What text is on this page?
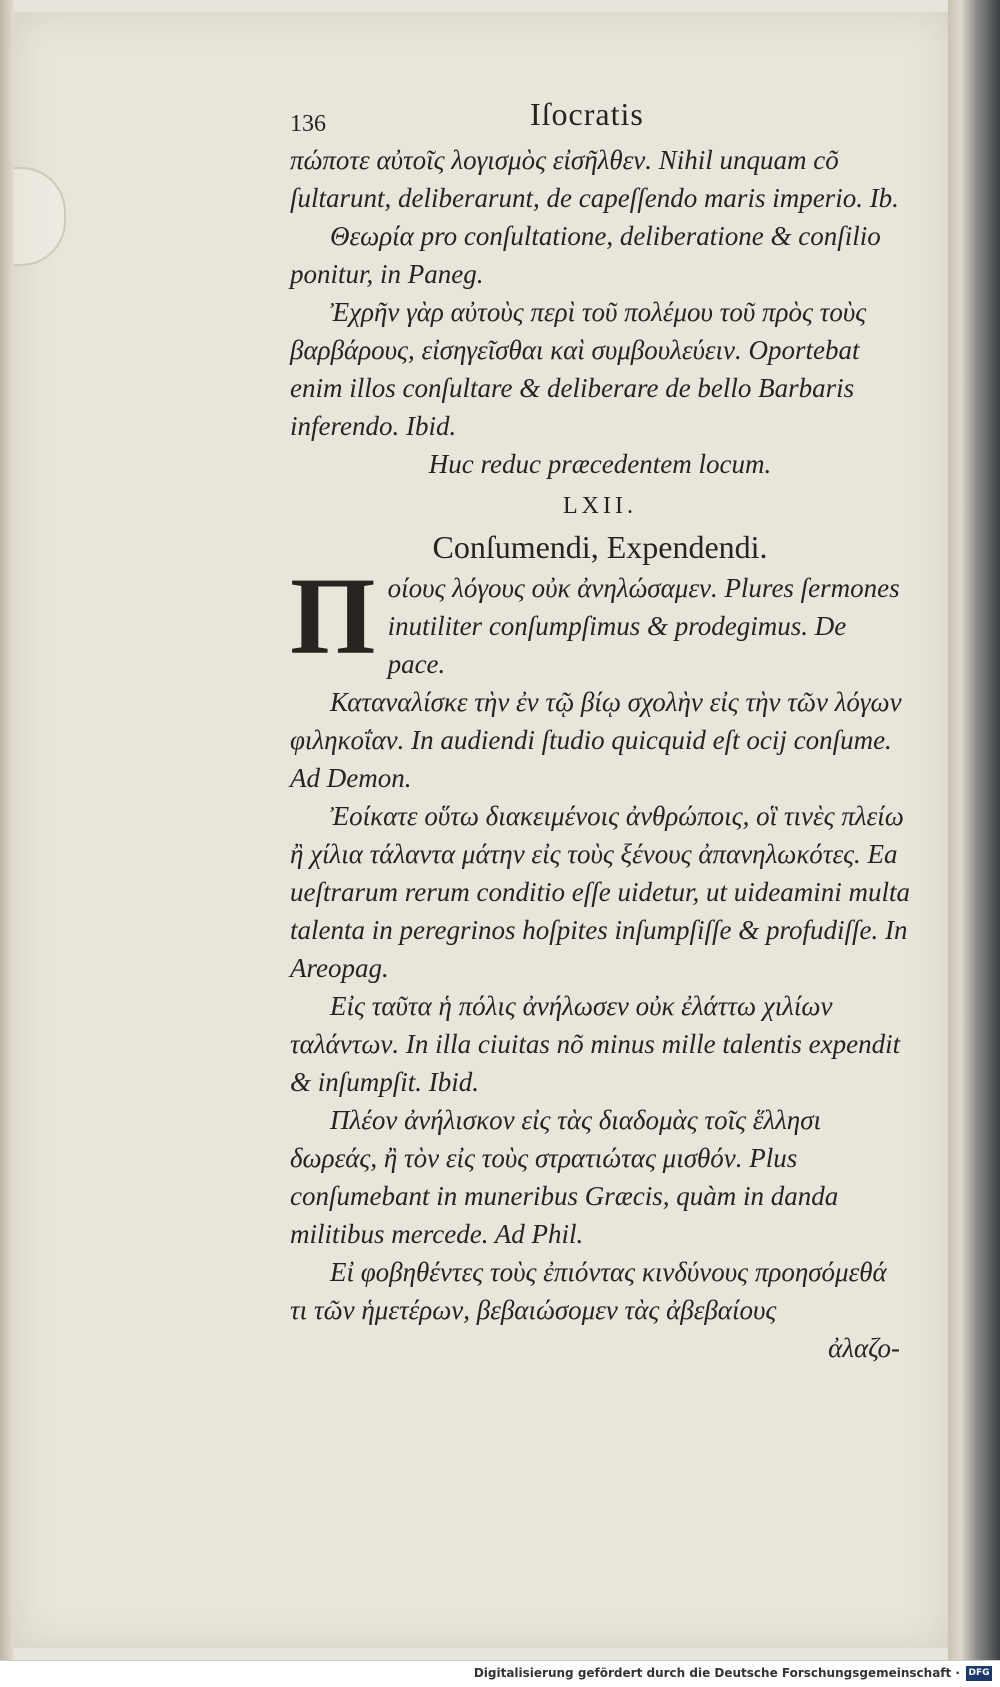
136	Iſocratis

πώποτε αὐτοῖς λογισμὸς εἰσῆλθεν. Nihil unquam cõ

ſultarunt, deliberarunt, de capeſſendo maris imperio. Ib.

Θεωρία pro conſultatione, deliberatione & conſilio ponitur, in Paneg.

Ἐχρῆν γὰρ αὐτοὺς περὶ τοῦ πολέμου τοῦ πρὸς τοὺς βαρβάρους, εἰσηγεῖσθαι καὶ συμβουλεύειν. Oportebat enim illos conſultare & deliberare de bello Barbaris inferendo. Ibid.

Huc reduc præcedentem locum.

LXII.
Conſumendi, Expendendi.

Ποίους λόγους οὐκ ἀνηλώσαμεν. Plures ſermones inutiliter conſumpſimus & prodegimus. De pace.

Καταναλίσκε τὴν ἐν τῷ βίῳ σχολὴν εἰς τὴν τῶν λόγων φιληκοΐαν. In audiendi ſtudio quicquid eſt ocij conſume. Ad Demon.

Ἐοίκατε οὕτω διακειμένοις ἀνθρώποις, οἳ τινὲς πλείω ἢ χίλια τάλαντα μάτην εἰς τοὺς ξένους ἀπανηλωκότες. Ea ueſtrarum rerum conditio eſſe uidetur, ut uideamini multa talenta in peregrinos hoſpites inſumpſiſſe & profudiſſe. In Areopag.

Εἰς ταῦτα ἡ πόλις ἀνήλωσεν οὐκ ἐλάττω χιλίων ταλάντων. In illa ciuitas nõ minus mille talentis expendit & inſumpſit. Ibid.

Πλέον ἀνήλισκον εἰς τὰς διαδομὰς τοῖς ἕλλησι δωρεάς, ἢ τὸν εἰς τοὺς στρατιώτας μισθόν. Plus conſumebant in muneribus Græcis, quàm in danda militibus mercede. Ad Phil.

Εἰ φοβηθέντες τοὺς ἐπιόντας κινδύνους προησόμεθά τι τῶν ἡμετέρων, βεβαιώσομεν τὰς ἀβεβαίους

ἀλαζο-

Digitalisierung gefördert durch die Deutsche Forschungsgemeinschaft · DFG
